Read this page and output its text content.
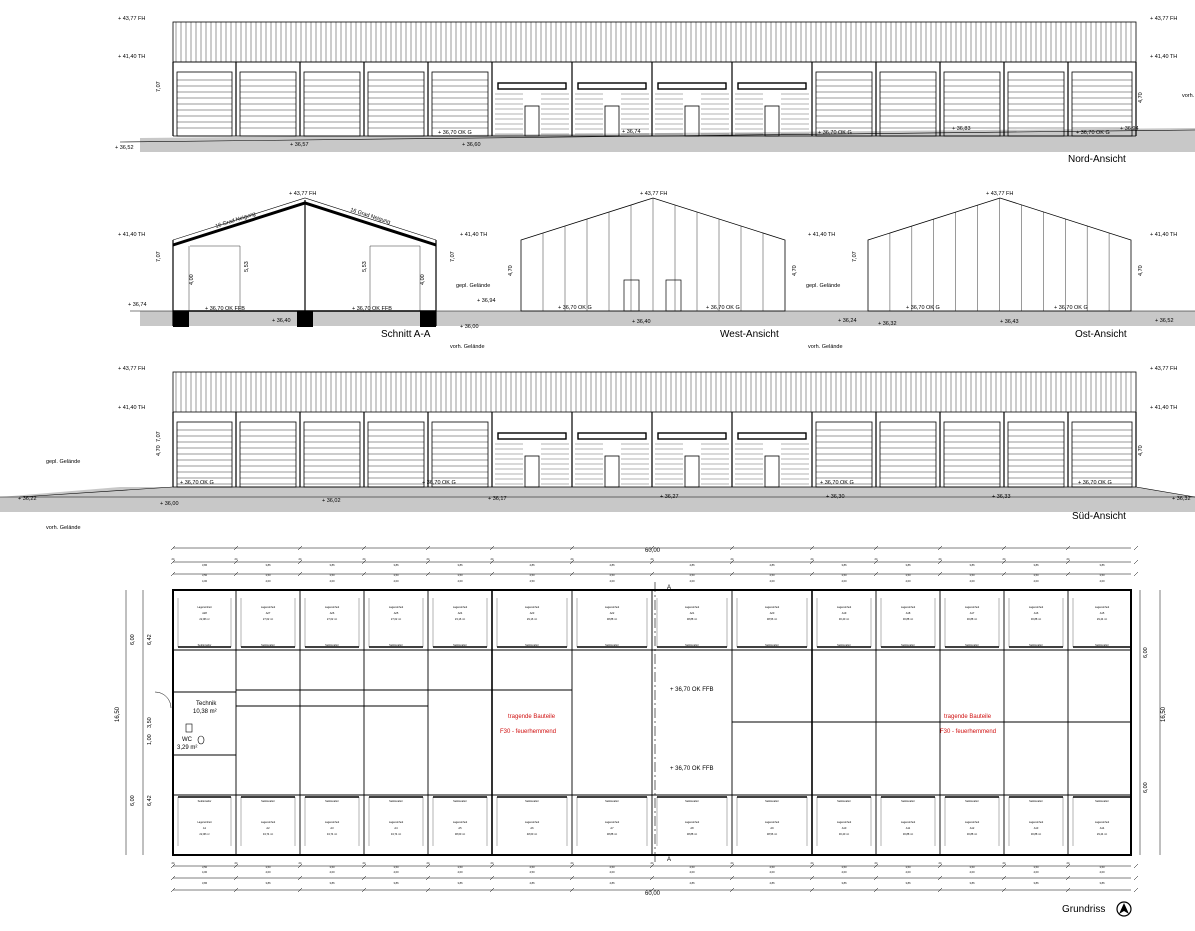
+ 43,77 FH
+ 41,40 TH
+ 43,77 FH
+ 41,40 TH
7,07
4,70	vorh.
+ 36,70 OK G	+ 36,70 OK G	+ 36,70 OK G
+ 36,52	+ 36,57	+ 36,60
+ 36,74	+ 36,83	+ 36,94
Nord-Ansicht
+ 43,77 FH
+ 41,40 TH	+ 41,40 TH
16 Grad Neigung	16 Grad Neigung
4,00
5,53	5,53
4,00
7,07	7,07
+ 36,74
+ 36,70 OK FFB	+ 36,70 OK FFB
+ 36,40
gepl. Gelände
+ 36,94
+ 36,00
vorh. Gelände
Schnitt A-A
+ 43,77 FH
+ 41,40 TH
4,70	4,70
+ 36,70 OK G	+ 36,70 OK G
+ 36,40
West-Ansicht
+ 43,77 FH
+ 41,40 TH
7,07
4,70
gepl. Gelände
+ 36,70 OK G	+ 36,70 OK G
+ 36,24	+ 36,32	+ 36,43	+ 36,52
vorh. Gelände
Ost-Ansicht
+ 43,77 FH
+ 41,40 TH
+ 43,77 FH
+ 41,40 TH
7,07
4,70	4,70
gepl. Gelände
vorh. Gelände
+ 36,70 OK G	+ 36,70 OK G	+ 36,70 OK G	+ 36,70 OK G
+ 36,22
+ 36,00	+ 36,02	+ 36,17	+ 36,27	+ 36,30	+ 36,33	+ 36,32
Süd-Ansicht
3,86
3,50
4,00
3,50
4,00
3,86
24
24
Lagereinheit
A28
22,08 m²
Sektionaltor
Sektionaltor
Lagereinheit
A1
22,08 m²
3,86
3,50
4,00
3,50
4,00
3,86
24
24
Lagereinheit
A27
27,02 m²
Sektionaltor
Sektionaltor
Lagereinheit
A2
34,74 m²
3,86
3,50
4,00
3,50
4,00
3,86
24
24
Lagereinheit
A26
27,02 m²
Sektionaltor
Sektionaltor
Lagereinheit
A3
34,74 m²
3,86
3,50
4,00
3,50
4,00
3,86
24
24
Lagereinheit
A25
27,02 m²
Sektionaltor
Sektionaltor
Lagereinheit
A4
34,74 m²
3,86
3,50
4,00
3,50
4,00
3,86
24
24
Lagereinheit
A24
23,16 m²
Sektionaltor
Sektionaltor
Lagereinheit
A5
38,60 m²
4,86
4,50
4,50
4,50
4,50
4,86
24
24
Lagereinheit
A23
29,16 m²
Sektionaltor
Sektionaltor
Lagereinheit
A6
48,60 m²
4,86
4,50
4,00
4,50
4,00
4,86
24
24
Lagereinheit
A22
38,88 m²
Sektionaltor
Sektionaltor
Lagereinheit
A7
38,88 m²
4,86
4,50
4,00
4,50
4,00
4,86
24
24
Lagereinheit
A21
38,88 m²
Sektionaltor
Sektionaltor
Lagereinheit
A8
38,88 m²
4,86
4,50
4,00
4,50
4,00
4,86
24
24
Lagereinheit
A20
38,56 m²
Sektionaltor
Sektionaltor
Lagereinheit
A9
38,56 m²
3,86
3,50
4,00
3,50
4,00
3,86
24
24
Lagereinheit
A19
30,40 m²
Sektionaltor
Sektionaltor
Lagereinheit
A10
30,40 m²
3,86
3,50
4,00
3,50
4,00
3,86
24
24
Lagereinheit
A18
30,88 m²
Sektionaltor
Sektionaltor
Lagereinheit
A11
30,88 m²
3,86
3,50
4,00
3,50
4,00
3,86
24
24
Lagereinheit
A17
30,88 m²
Sektionaltor
Sektionaltor
Lagereinheit
A12
30,88 m²
3,86
3,50
4,00
3,50
4,00
3,86
24
24
Lagereinheit
A16
30,88 m²
Sektionaltor
Sektionaltor
Lagereinheit
A13
30,88 m²
3,86
3,50
4,00
3,50
4,00
3,86
24
24
Lagereinheit
A15
29,44 m²
Sektionaltor
Sektionaltor
Lagereinheit
A14
29,44 m²
Technik
10,38 m²
WC
3,29 m²
+ 36,70 OK FFB
+ 36,70 OK FFB
tragende Bauteile
F30 - feuerhemmend
tragende Bauteile
F30 - feuerhemmend
A
A
60,00
60,00
16,50	16,50
6,00 6,42
3,50
1,00
6,00 6,42
6,00
6,00
Grundriss
